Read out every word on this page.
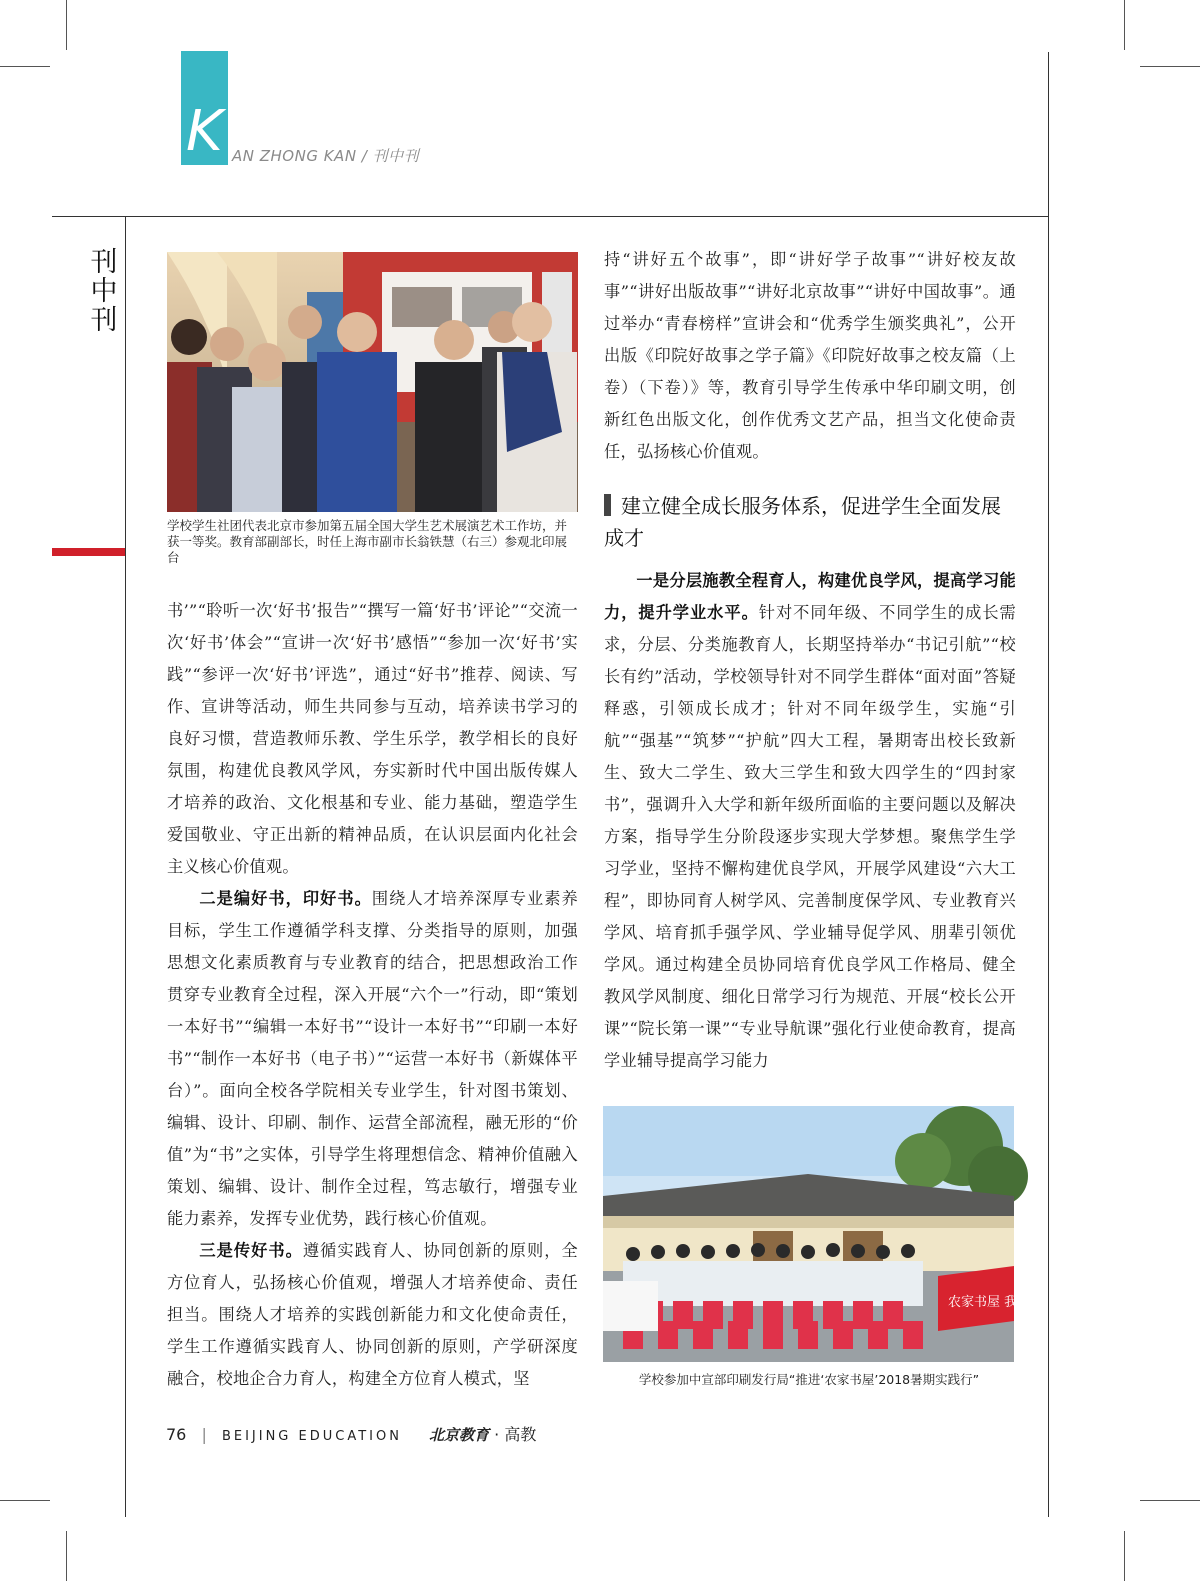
K AN ZHONG KAN / 刊中刊
刊中刊
学校学生社团代表北京市参加第五届全国大学生艺术展演艺术工作坊，并获一等奖。教育部副部长，时任上海市副市长翁铁慧（右三）参观北印展台

书’”“聆听一次‘好书’报告”“撰写一篇‘好书’评论”“交流一次‘好书’体会”“宣讲一次‘好书’感悟”“参加一次‘好书’实践”“参评一次‘好书’评选”，通过“好书”推荐、阅读、写作、宣讲等活动，师生共同参与互动，培养读书学习的良好习惯，营造教师乐教、学生乐学，教学相长的良好氛围，构建优良教风学风，夯实新时代中国出版传媒人才培养的政治、文化根基和专业、能力基础，塑造学生爱国敬业、守正出新的精神品质，在认识层面内化社会主义核心价值观。

二是编好书，印好书。围绕人才培养深厚专业素养目标，学生工作遵循学科支撑、分类指导的原则，加强思想文化素质教育与专业教育的结合，把思想政治工作贯穿专业教育全过程，深入开展“六个一”行动，即“策划一本好书”“编辑一本好书”“设计一本好书”“印刷一本好书”“制作一本好书（电子书）”“运营一本好书（新媒体平台）”。面向全校各学院相关专业学生，针对图书策划、编辑、设计、印刷、制作、运营全部流程，融无形的“价值”为“书”之实体，引导学生将理想信念、精神价值融入策划、编辑、设计、制作全过程，笃志敏行，增强专业能力素养，发挥专业优势，践行核心价值观。

三是传好书。遵循实践育人、协同创新的原则，全方位育人，弘扬核心价值观，增强人才培养使命、责任担当。围绕人才培养的实践创新能力和文化使命责任，学生工作遵循实践育人、协同创新的原则，产学研深度融合，校地企合力育人，构建全方位育人模式，坚

持“讲好五个故事”，即“讲好学子故事”“讲好校友故事”“讲好出版故事”“讲好北京故事”“讲好中国故事”。通过举办“青春榜样”宣讲会和“优秀学生颁奖典礼”，公开出版《印院好故事之学子篇》《印院好故事之校友篇（上卷）（下卷）》等，教育引导学生传承中华印刷文明，创新红色出版文化，创作优秀文艺产品，担当文化使命责任，弘扬核心价值观。

建立健全成长服务体系，促进学生全面发展成才

一是分层施教全程育人，构建优良学风，提高学习能力，提升学业水平。针对不同年级、不同学生的成长需求，分层、分类施教育人，长期坚持举办“书记引航”“校长有约”活动，学校领导针对不同学生群体“面对面”答疑释惑，引领成长成才；针对不同年级学生，实施“引航”“强基”“筑梦”“护航”四大工程，暑期寄出校长致新生、致大二学生、致大三学生和致大四学生的“四封家书”，强调升入大学和新年级所面临的主要问题以及解决方案，指导学生分阶段逐步实现大学梦想。聚焦学生学习学业，坚持不懈构建优良学风，开展学风建设“六大工程”，即协同育人树学风、完善制度保学风、专业教育兴学风、培育抓手强学风、学业辅导促学风、朋辈引领优学风。通过构建全员协同培育优良学风工作格局、健全教风学风制度、细化日常学习行为规范、开展“校长公开课”“院长第一课”“专业导航课”强化行业使命教育，提高学业辅导提高学习能力

农家书屋 我的梦
学校参加中宣部印刷发行局“推进‘农家书屋’2018暑期实践行”
76 | BEIJING EDUCATION 北京教育 · 高教
